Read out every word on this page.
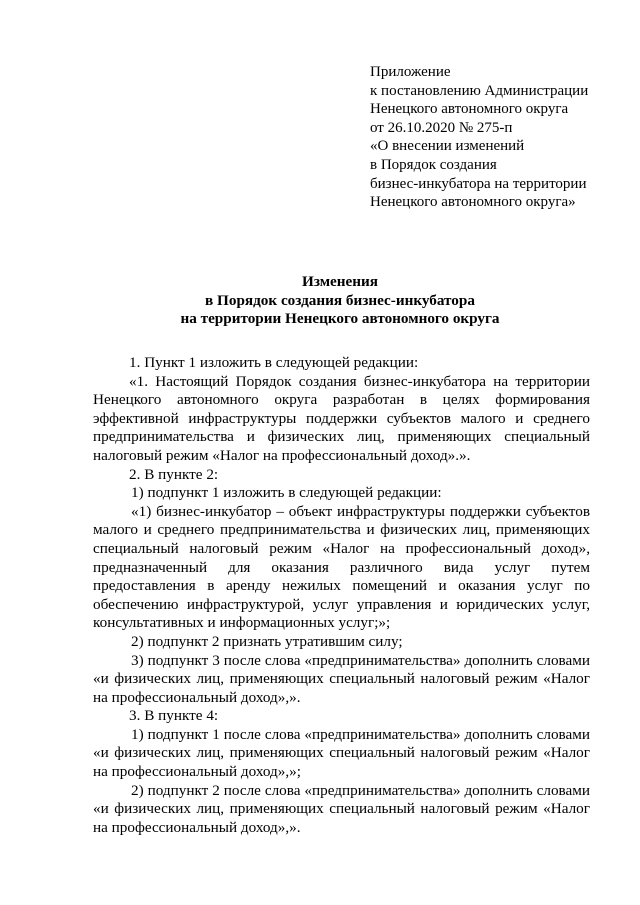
Приложение
к постановлению Администрации
Ненецкого автономного округа
от 26.10.2020 № 275-п
«О внесении изменений
в Порядок создания
бизнес-инкубатора на территории
Ненецкого автономного округа»
Изменения
в Порядок создания бизнес-инкубатора
на территории Ненецкого автономного округа

1. Пункт 1 изложить в следующей редакции:

«1. Настоящий Порядок создания бизнес-инкубатора на территории Ненецкого автономного округа разработан в целях формирования эффективной инфраструктуры поддержки субъектов малого и среднего предпринимательства и физических лиц, применяющих специальный налоговый режим «Налог на профессиональный доход».».

2. В пункте 2:

1) подпункт 1 изложить в следующей редакции:

«1) бизнес-инкубатор – объект инфраструктуры поддержки субъектов малого и среднего предпринимательства и физических лиц, применяющих специальный налоговый режим «Налог на профессиональный доход», предназначенный для оказания различного вида услуг путем предоставления в аренду нежилых помещений и оказания услуг по обеспечению инфраструктурой, услуг управления и юридических услуг, консультативных и информационных услуг;»;

2) подпункт 2 признать утратившим силу;

3) подпункт 3 после слова «предпринимательства» дополнить словами «и физических лиц, применяющих специальный налоговый режим «Налог на профессиональный доход»,».

3. В пункте 4:

1) подпункт 1 после слова «предпринимательства» дополнить словами «и физических лиц, применяющих специальный налоговый режим «Налог на профессиональный доход»,»;

2) подпункт 2 после слова «предпринимательства» дополнить словами «и физических лиц, применяющих специальный налоговый режим «Налог на профессиональный доход»,».
